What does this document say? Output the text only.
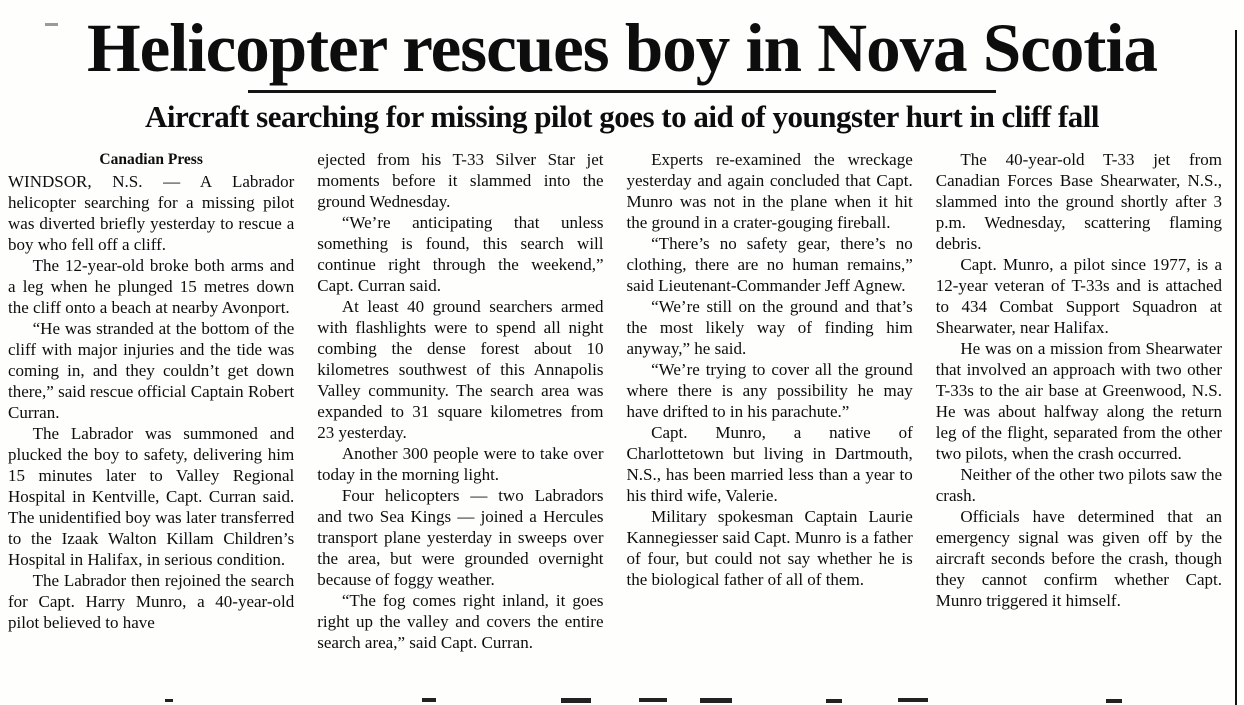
Helicopter rescues boy in Nova Scotia
Aircraft searching for missing pilot goes to aid of youngster hurt in cliff fall
Canadian Press

WINDSOR, N.S. — A Labrador helicopter searching for a missing pilot was diverted briefly yesterday to rescue a boy who fell off a cliff.

The 12-year-old broke both arms and a leg when he plunged 15 metres down the cliff onto a beach at nearby Avonport.

“He was stranded at the bottom of the cliff with major injuries and the tide was coming in, and they couldn’t get down there,” said rescue official Captain Robert Curran.

The Labrador was summoned and plucked the boy to safety, delivering him 15 minutes later to Valley Regional Hospital in Kentville, Capt. Curran said. The unidentified boy was later transferred to the Izaak Walton Killam Children’s Hospital in Halifax, in serious condition.

The Labrador then rejoined the search for Capt. Harry Munro, a 40-year-old pilot believed to have

ejected from his T-33 Silver Star jet moments before it slammed into the ground Wednesday.

“We’re anticipating that unless something is found, this search will continue right through the weekend,” Capt. Curran said.

At least 40 ground searchers armed with flashlights were to spend all night combing the dense forest about 10 kilometres southwest of this Annapolis Valley community. The search area was expanded to 31 square kilometres from 23 yesterday.

Another 300 people were to take over today in the morning light.

Four helicopters — two Labradors and two Sea Kings — joined a Hercules transport plane yesterday in sweeps over the area, but were grounded overnight because of foggy weather.

“The fog comes right inland, it goes right up the valley and covers the entire search area,” said Capt. Curran.

Experts re-examined the wreckage yesterday and again concluded that Capt. Munro was not in the plane when it hit the ground in a crater-gouging fireball.

“There’s no safety gear, there’s no clothing, there are no human remains,” said Lieutenant-Commander Jeff Agnew.

“We’re still on the ground and that’s the most likely way of finding him anyway,” he said.

“We’re trying to cover all the ground where there is any possibility he may have drifted to in his parachute.”

Capt. Munro, a native of Charlottetown but living in Dartmouth, N.S., has been married less than a year to his third wife, Valerie.

Military spokesman Captain Laurie Kannegiesser said Capt. Munro is a father of four, but could not say whether he is the biological father of all of them.

The 40-year-old T-33 jet from Canadian Forces Base Shearwater, N.S., slammed into the ground shortly after 3 p.m. Wednesday, scattering flaming debris.

Capt. Munro, a pilot since 1977, is a 12-year veteran of T-33s and is attached to 434 Combat Support Squadron at Shearwater, near Halifax.

He was on a mission from Shearwater that involved an approach with two other T-33s to the air base at Greenwood, N.S. He was about halfway along the return leg of the flight, separated from the other two pilots, when the crash occurred.

Neither of the other two pilots saw the crash.

Officials have determined that an emergency signal was given off by the aircraft seconds before the crash, though they cannot confirm whether Capt. Munro triggered it himself.
